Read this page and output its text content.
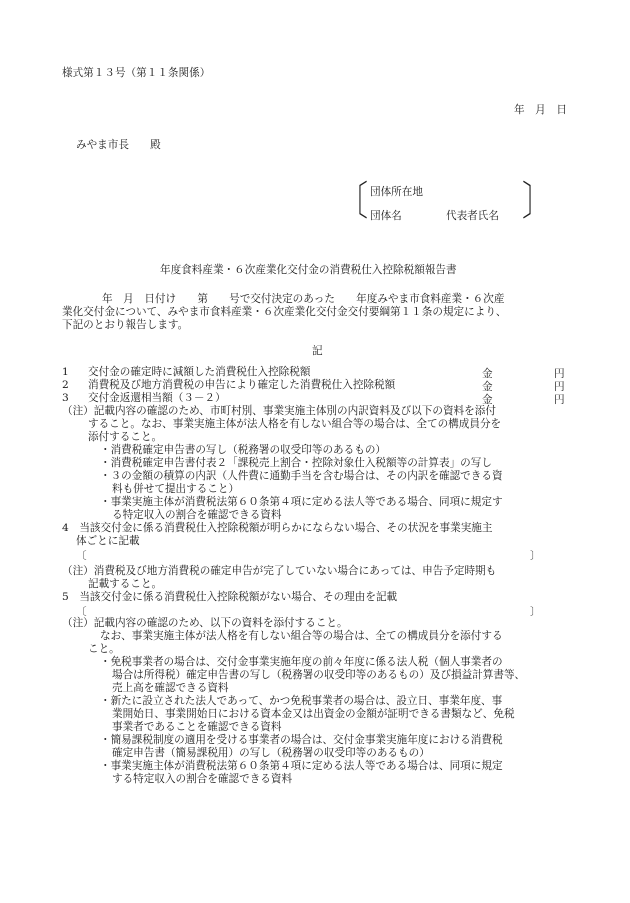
様式第１３号（第１１条関係）
年　月　日
みやま市長　　殿
〔	〕
団体所在地
団体名	代表者氏名
年度食料産業・６次産業化交付金の消費税仕入控除税額報告書
年　月　日付け　　第　　号で交付決定のあった　　年度みやま市食料産業・６次産
業化交付金について、みやま市食料産業・６次産業化交付金交付要綱第１１条の規定により、
下記のとおり報告します。
記
1 交付金の確定時に減額した消費税仕入控除税額	金	円
2 消費税及び地方消費税の申告により確定した消費税仕入控除税額	金	円
3 交付金返還相当額（３－２）	金	円
（注）記載内容の確認のため、市町村別、事業実施主体別の内訳資料及び以下の資料を添付
すること。なお、事業実施主体が法人格を有しない組合等の場合は、全ての構成員分を
添付すること。
・消費税確定申告書の写し（税務署の収受印等のあるもの）
・消費税確定申告書付表２「課税売上割合・控除対象仕入税額等の計算表」の写し
・３の金額の積算の内訳（人件費に通勤手当を含む場合は、その内訳を確認できる資
料も併せて提出すること）
・事業実施主体が消費税法第６０条第４項に定める法人等である場合、同項に規定す
る特定収入の割合を確認できる資料
4　当該交付金に係る消費税仕入控除税額が明らかにならない場合、その状況を事業実施主
体ごとに記載
〔	〕
（注）消費税及び地方消費税の確定申告が完了していない場合にあっては、申告予定時期も
記載すること。
5　当該交付金に係る消費税仕入控除税額がない場合、その理由を記載
〔	〕
（注）記載内容の確認のため、以下の資料を添付すること。
なお、事業実施主体が法人格を有しない組合等の場合は、全ての構成員分を添付する
こと。
・免税事業者の場合は、交付金事業実施年度の前々年度に係る法人税（個人事業者の
場合は所得税）確定申告書の写し（税務署の収受印等のあるもの）及び損益計算書等、
売上高を確認できる資料
・新たに設立された法人であって、かつ免税事業者の場合は、設立日、事業年度、事
業開始日、事業開始日における資本金又は出資金の金額が証明できる書類など、免税
事業者であることを確認できる資料
・簡易課税制度の適用を受ける事業者の場合は、交付金事業実施年度における消費税
確定申告書（簡易課税用）の写し（税務署の収受印等のあるもの）
・事業実施主体が消費税法第６０条第４項に定める法人等である場合は、同項に規定
する特定収入の割合を確認できる資料
